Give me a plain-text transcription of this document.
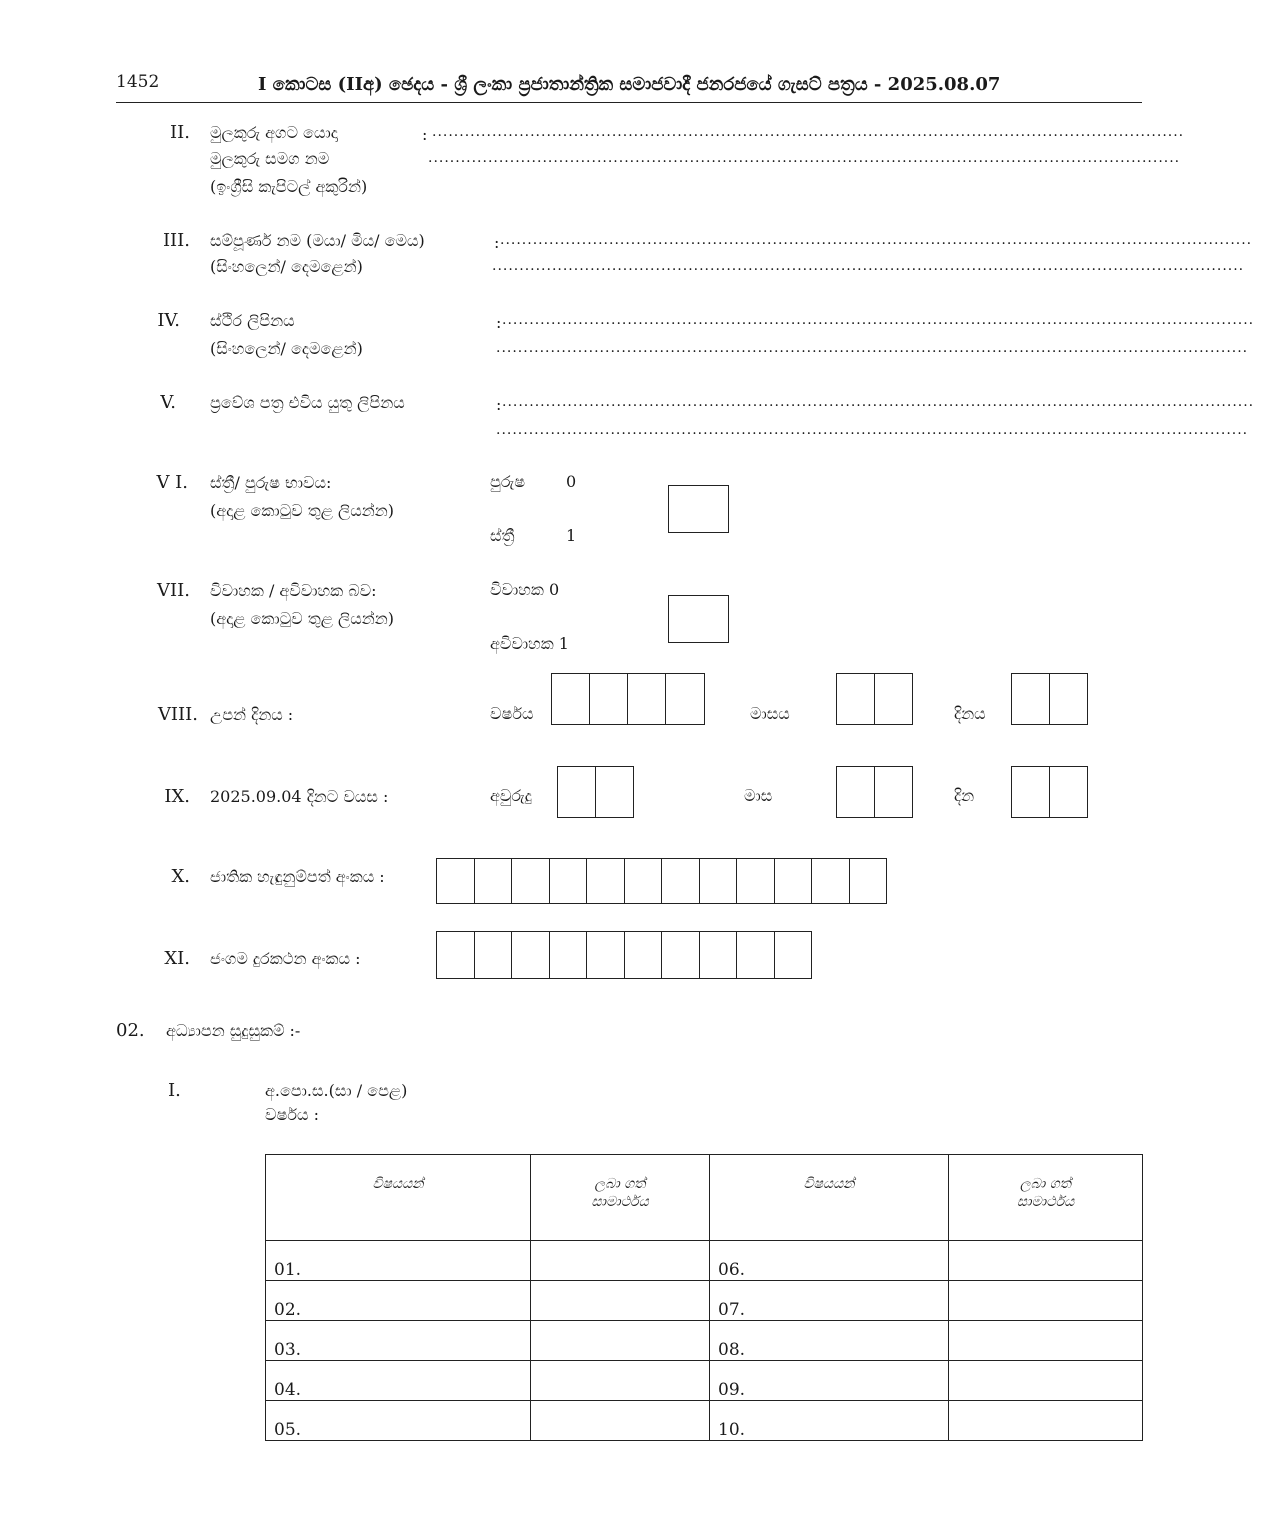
1452	I කොටස (IIඅ) ඡෙදය - ශ්‍රී ලංකා ප්‍රජාතාන්ත්‍රික සමාජවාදී ජනරජයේ ගැසට් පත්‍රය - 2025.08.07
II. මුලකුරු අගට යොදා
මුලකුරු සමග නම
(ඉංග්‍රීසි කැපිටල් අකුරින්)
: ..........................................................................................................................................
..........................................................................................................................................
III. සම්පූර්ණ නම (මයා/ මිය/ මෙය)
(සිංහලෙන්/ දෙමළෙන්)
: ..........................................................................................................................................
..........................................................................................................................................
IV. ස්ථිර ලිපිනය
(සිංහලෙන්/ දෙමළෙන්)
: ..........................................................................................................................................
..........................................................................................................................................
V. ප්‍රවේශ පත්‍ර එවිය යුතු ලිපිනය	: ..........................................................................................................................................
..........................................................................................................................................
V I. ස්ත්‍රී/ පුරුෂ භාවය:
(අදාළ කොටුව තුළ ලියන්න)
පුරුෂ	0
ස්ත්‍රී	1
VII. විවාහක / අවිවාහක බව:
(අදාළ කොටුව තුළ ලියන්න)
විවාහක 0
අවිවාහක 1
VIII. උපන් දිනය :	වර්ෂය	මාසය	දිනය
IX. 2025.09.04 දිනට වයස :	අවුරුදු	මාස	දින
X. ජාතික හැඳුනුම්පත් අංකය :
XI. ජංගම දුරකථන අංකය :
02. අධ්‍යාපන සුදුසුකම් :-
I.	අ.පො.ස.(සා / පෙළ)
වර්ෂය :
විෂයයන්	ලබා ගත් සාමාර්ථය	විෂයයන්	ලබා ගත් සාමාර්ථය

01.		06.	
02.		07.	
03.		08.	
04.		09.	
05.		10.	
